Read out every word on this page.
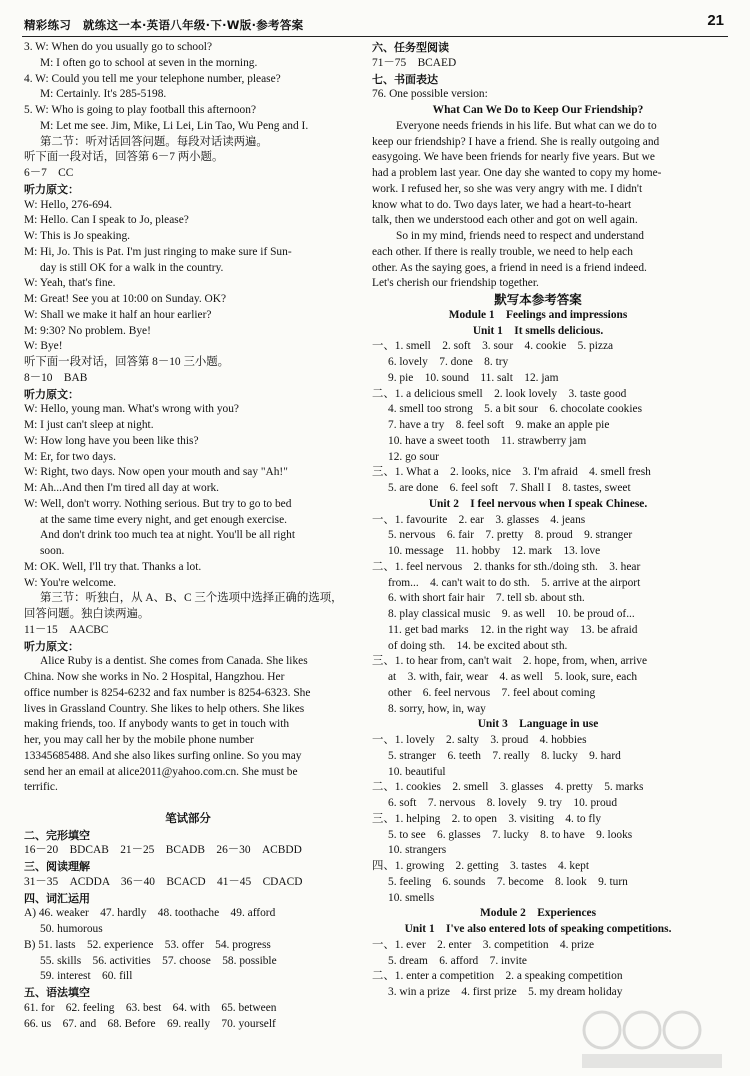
精彩练习　就练这一本·英语八年级·下·W版·参考答案	21
3. W: When do you usually go to school?
M: I often go to school at seven in the morning.
4. W: Could you tell me your telephone number, please?
M: Certainly. It's 285-5198.
5. W: Who is going to play football this afternoon?
M: Let me see. Jim, Mike, Li Lei, Lin Tao, Wu Peng and I.
第二节：听对话回答问题。每段对话读两遍。
听下面一段对话，回答第 6－7 两小题。
6－7　CC
听力原文：
W: Hello, 276-694.
M: Hello. Can I speak to Jo, please?
W: This is Jo speaking.
M: Hi, Jo. This is Pat. I'm just ringing to make sure if Sun-
day is still OK for a walk in the country.
W: Yeah, that's fine.
M: Great! See you at 10:00 on Sunday. OK?
W: Shall we make it half an hour earlier?
M: 9:30? No problem. Bye!
W: Bye!
听下面一段对话，回答第 8－10 三小题。
8－10　BAB
听力原文：
W: Hello, young man. What's wrong with you?
M: I just can't sleep at night.
W: How long have you been like this?
M: Er, for two days.
W: Right, two days. Now open your mouth and say "Ah!"
M: Ah...And then I'm tired all day at work.
W: Well, don't worry. Nothing serious. But try to go to bed
at the same time every night, and get enough exercise.
And don't drink too much tea at night. You'll be all right
soon.
M: OK. Well, I'll try that. Thanks a lot.
W: You're welcome.
第三节：听独白，从 A、B、C 三个选项中选择正确的选项，
回答问题。独白读两遍。
11－15　AACBC
听力原文：
Alice Ruby is a dentist. She comes from Canada. She likes
China. Now she works in No. 2 Hospital, Hangzhou. Her
office number is 8254-6232 and fax number is 8254-6323. She
lives in Grassland Country. She likes to help others. She likes
making friends, too. If anybody wants to get in touch with
her, you may call her by the mobile phone number
13345685488. And she also likes surfing online. So you may
send her an email at alice2011@yahoo.com.cn. She must be
terrific.
笔试部分
二、完形填空
16－20　BDCAB　21－25　BCADB　26－30　ACBDD
三、阅读理解
31－35　ACDDA　36－40　BCACD　41－45　CDACD
四、词汇运用
A) 46. weaker　47. hardly　48. toothache　49. afford
50. humorous
B) 51. lasts　52. experience　53. offer　54. progress
55. skills　56. activities　57. choose　58. possible
59. interest　60. fill
五、语法填空
61. for　62. feeling　63. best　64. with　65. between
66. us　67. and　68. Before　69. really　70. yourself
六、任务型阅读
71－75　BCAED
七、书面表达
76. One possible version:
What Can We Do to Keep Our Friendship?
Everyone needs friends in his life. But what can we do to
keep our friendship? I have a friend. She is really outgoing and
easygoing. We have been friends for nearly five years. But we
had a problem last year. One day she wanted to copy my home-
work. I refused her, so she was very angry with me. I didn't
know what to do. Two days later, we had a heart-to-heart
talk, then we understood each other and got on well again.
So in my mind, friends need to respect and understand
each other. If there is really trouble, we need to help each
other. As the saying goes, a friend in need is a friend indeed.
Let's cherish our friendship together.
默写本参考答案
Module 1　Feelings and impressions
Unit 1　It smells delicious.
一、1. smell　2. soft　3. sour　4. cookie　5. pizza
6. lovely　7. done　8. try
9. pie　10. sound　11. salt　12. jam
二、1. a delicious smell　2. look lovely　3. taste good
4. smell too strong　5. a bit sour　6. chocolate cookies
7. have a try　8. feel soft　9. make an apple pie
10. have a sweet tooth　11. strawberry jam
12. go sour
三、1. What a　2. looks, nice　3. I'm afraid　4. smell fresh
5. are done　6. feel soft　7. Shall I　8. tastes, sweet
Unit 2　I feel nervous when I speak Chinese.
一、1. favourite　2. ear　3. glasses　4. jeans
5. nervous　6. fair　7. pretty　8. proud　9. stranger
10. message　11. hobby　12. mark　13. love
二、1. feel nervous　2. thanks for sth./doing sth.　3. hear
from...　4. can't wait to do sth.　5. arrive at the airport
6. with short fair hair　7. tell sb. about sth.
8. play classical music　9. as well　10. be proud of...
11. get bad marks　12. in the right way　13. be afraid
of doing sth.　14. be excited about sth.
三、1. to hear from, can't wait　2. hope, from, when, arrive
at　3. with, fair, wear　4. as well　5. look, sure, each
other　6. feel nervous　7. feel about coming
8. sorry, how, in, way
Unit 3　Language in use
一、1. lovely　2. salty　3. proud　4. hobbies
5. stranger　6. teeth　7. really　8. lucky　9. hard
10. beautiful
二、1. cookies　2. smell　3. glasses　4. pretty　5. marks
6. soft　7. nervous　8. lovely　9. try　10. proud
三、1. helping　2. to open　3. visiting　4. to fly
5. to see　6. glasses　7. lucky　8. to have　9. looks
10. strangers
四、1. growing　2. getting　3. tastes　4. kept
5. feeling　6. sounds　7. become　8. look　9. turn
10. smells
Module 2　Experiences
Unit 1　I've also entered lots of speaking competitions.
一、1. ever　2. enter　3. competition　4. prize
5. dream　6. afford　7. invite
二、1. enter a competition　2. a speaking competition
3. win a prize　4. first prize　5. my dream holiday
